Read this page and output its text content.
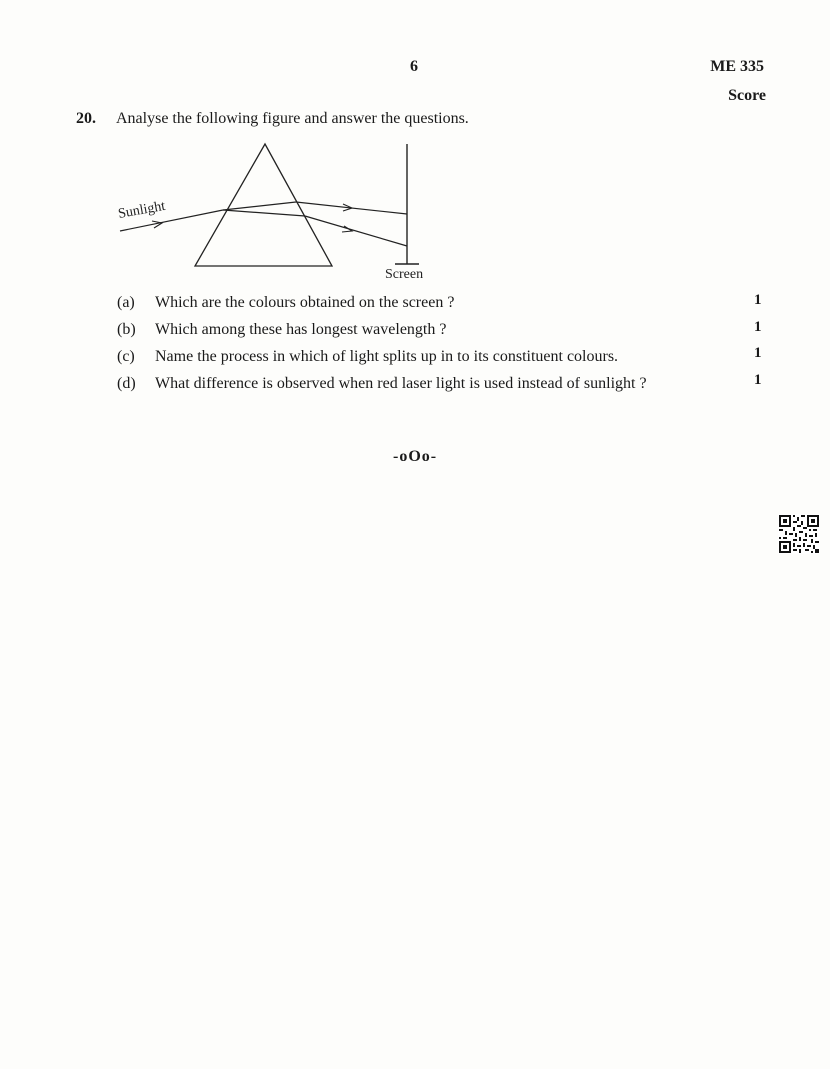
6	ME 335
Score
20. Analyse the following figure and answer the questions.
Sunlight
Screen
(a) Which are the colours obtained on the screen ?	1
(b) Which among these has longest wavelength ?	1
(c) Name the process in which of light splits up in to its constituent colours.	1
(d) What difference is observed when red laser light is used instead of sunlight ?	1
-oOo-
